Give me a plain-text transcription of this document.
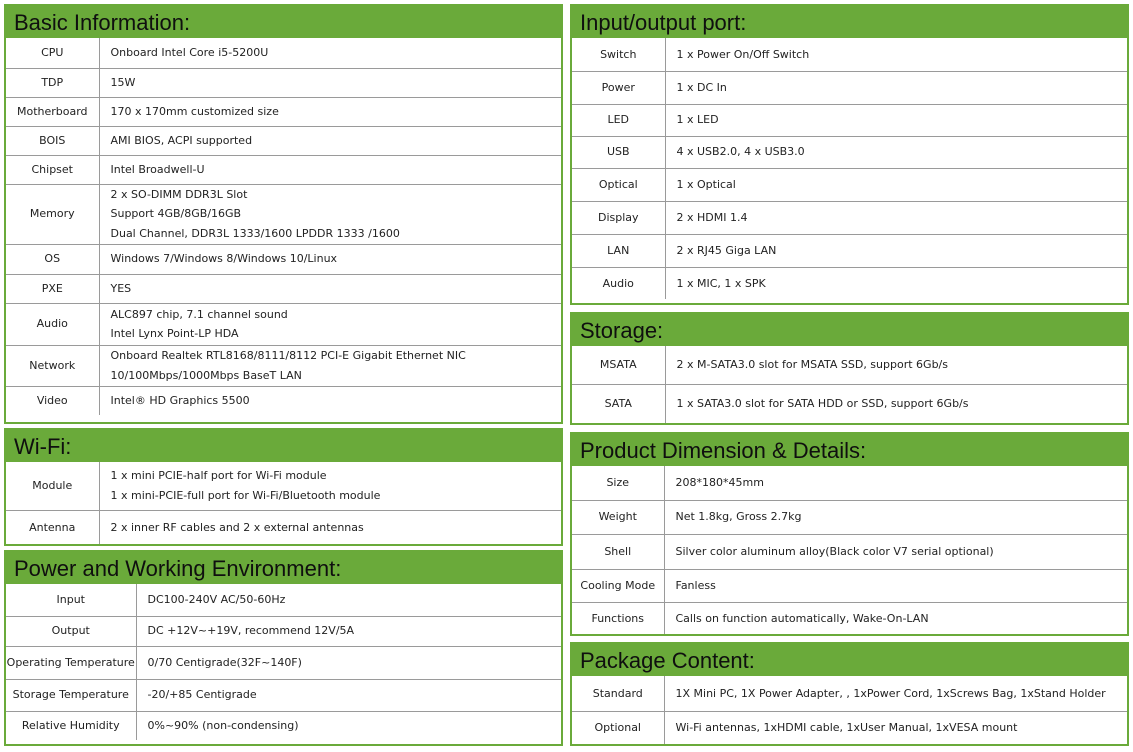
Basic Information:
CPU	Onboard Intel Core i5-5200U

TDP	15W

Motherboard	170 x 170mm customized size

BOIS	AMI BIOS, ACPI supported

Chipset	Intel Broadwell-U

Memory	2 x SO-DIMM DDR3L Slot
Support 4GB/8GB/16GB
Dual Channel, DDR3L 1333/1600 LPDDR 1333 /1600

OS	Windows 7/Windows 8/Windows 10/Linux

PXE	YES

Audio	ALC897 chip, 7.1 channel sound
Intel Lynx Point-LP HDA

Network	Onboard Realtek RTL8168/8111/8112 PCI-E Gigabit Ethernet NIC
10/100Mbps/1000Mbps BaseT LAN

Video	Intel® HD Graphics 5500
Wi-Fi:
Module	1 x mini PCIE-half port for Wi-Fi module
1 x mini-PCIE-full port for Wi-Fi/Bluetooth module

Antenna	2 x inner RF cables and 2 x external antennas
Power and Working Environment:
Input	DC100-240V AC/50-60Hz

Output	DC +12V~+19V, recommend 12V/5A

Operating Temperature	0/70 Centigrade(32F~140F)

Storage Temperature	-20/+85 Centigrade

Relative Humidity	0%~90% (non-condensing)
Input/output port:
Switch	1 x Power On/Off Switch

Power	1 x DC In

LED	1 x LED

USB	4 x USB2.0, 4 x USB3.0

Optical	1 x Optical

Display	2 x HDMI 1.4

LAN	2 x RJ45 Giga LAN

Audio	1 x MIC, 1 x SPK
Storage:
MSATA	2 x M-SATA3.0 slot for MSATA SSD, support 6Gb/s

SATA	1 x SATA3.0 slot for SATA HDD or SSD, support 6Gb/s
Product Dimension & Details:
Size	208*180*45mm

Weight	Net 1.8kg, Gross 2.7kg

Shell	Silver color aluminum alloy(Black color V7 serial optional)

Cooling Mode	Fanless

Functions	Calls on function automatically, Wake-On-LAN
Package Content:
Standard	1X Mini PC, 1X Power Adapter, , 1xPower Cord, 1xScrews Bag, 1xStand Holder

Optional	Wi-Fi antennas, 1xHDMI cable, 1xUser Manual, 1xVESA mount
